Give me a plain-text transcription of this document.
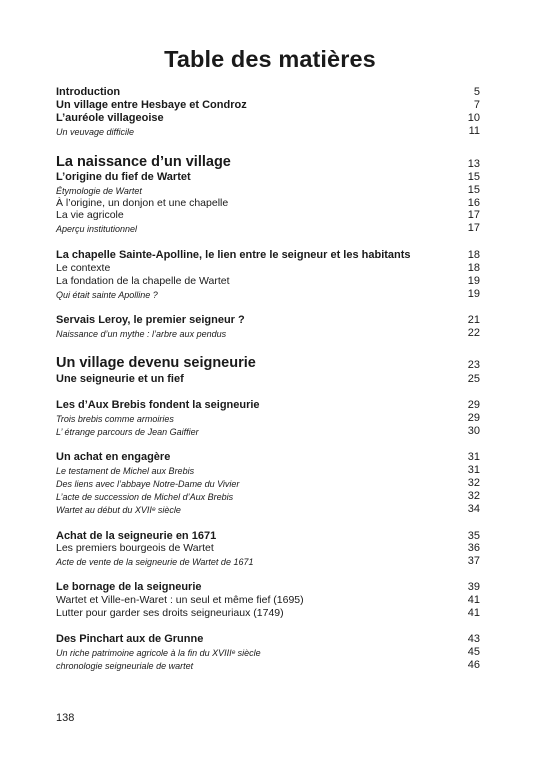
Table des matières
Introduction	5
Un village entre Hesbaye et Condroz	7
L’auréole villageoise	10
Un veuvage difficile	11
La naissance d’un village	13
L’origine du fief de Wartet	15
Étymologie de Wartet	15
À l’origine, un donjon et une chapelle	16
La vie agricole	17
Aperçu institutionnel	17
La chapelle Sainte-Apolline, le lien entre le seigneur et les habitants	18
Le contexte	18
La fondation de la chapelle de Wartet	19
Qui était sainte Apolline ?	19
Servais Leroy, le premier seigneur ?	21
Naissance d’un mythe : l’arbre aux pendus	22
Un village devenu seigneurie	23
Une seigneurie et un fief	25
Les d’Aux Brebis fondent la seigneurie	29
Trois brebis comme armoiries	29
L’ étrange parcours de Jean Gaiffier	30
Un achat en engagère	31
Le testament de Michel aux Brebis	31
Des liens avec l’abbaye Notre-Dame du Vivier	32
L’acte de succession de Michel d’Aux Brebis	32
Wartet au début du XVIIᵉ siècle	34
Achat de la seigneurie en 1671	35
Les premiers bourgeois de Wartet	36
Acte de vente de la seigneurie de Wartet de 1671	37
Le bornage de la seigneurie	39
Wartet et Ville-en-Waret : un seul et même fief (1695)	41
Lutter pour garder ses droits seigneuriaux (1749)	41
Des Pinchart aux de Grunne	43
Un riche patrimoine agricole à la fin du XVIIIᵉ siècle	45
chronologie seigneuriale de wartet	46
138
